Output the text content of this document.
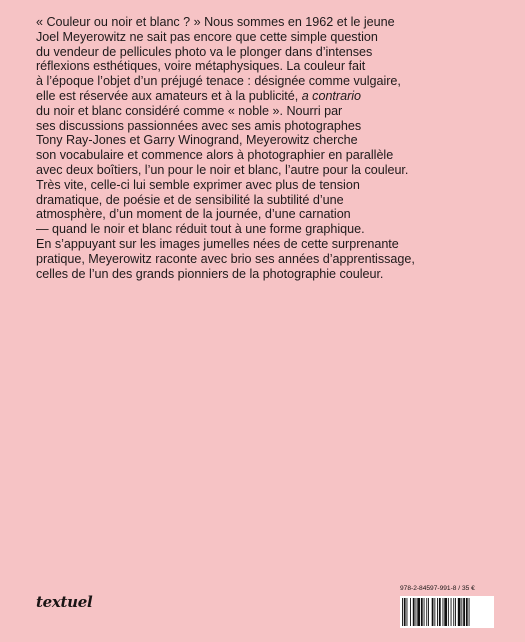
« Couleur ou noir et blanc ? » Nous sommes en 1962 et le jeune
Joel Meyerowitz ne sait pas encore que cette simple question
du vendeur de pellicules photo va le plonger dans d’intenses
réflexions esthétiques, voire métaphysiques. La couleur fait
à l’époque l’objet d’un préjugé tenace : désignée comme vulgaire,
elle est réservée aux amateurs et à la publicité, a contrario
du noir et blanc considéré comme « noble ». Nourri par
ses discussions passionnées avec ses amis photographes
Tony Ray-Jones et Garry Winogrand, Meyerowitz cherche
son vocabulaire et commence alors à photographier en parallèle
avec deux boîtiers, l’un pour le noir et blanc, l’autre pour la couleur.
Très vite, celle-ci lui semble exprimer avec plus de tension
dramatique, de poésie et de sensibilité la subtilité d’une
atmosphère, d’un moment de la journée, d’une carnation
— quand le noir et blanc réduit tout à une forme graphique.
En s’appuyant sur les images jumelles nées de cette surprenante
pratique, Meyerowitz raconte avec brio ses années d’apprentissage,
celles de l’un des grands pionniers de la photographie couleur.
textuel
978-2-84597-991-8 / 35 €
